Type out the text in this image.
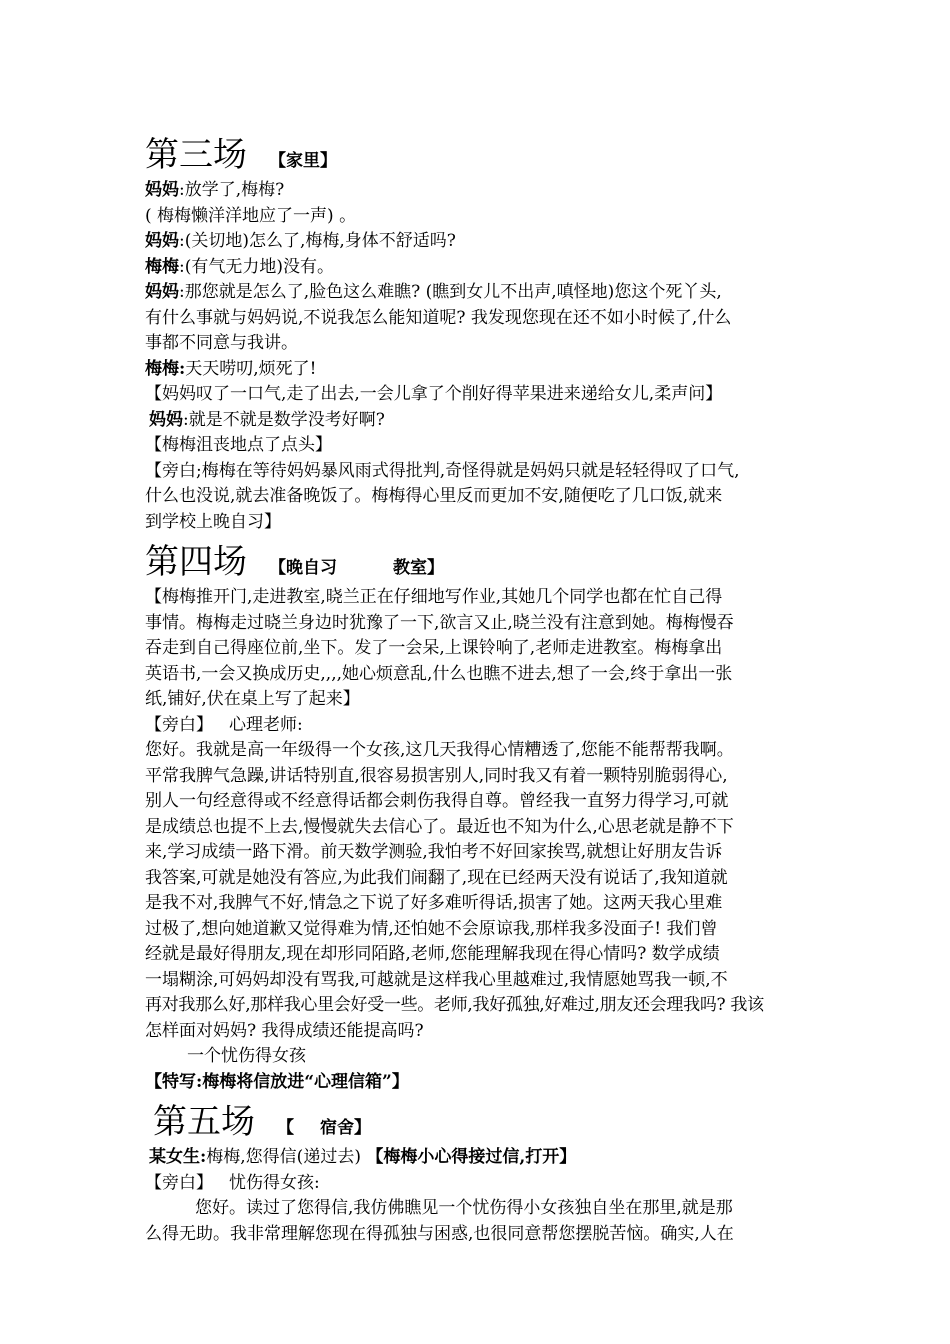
第三场 【家里】
妈妈:放学了,梅梅?
( 梅梅懒洋洋地应了一声) 。
妈妈:(关切地)怎么了,梅梅,身体不舒适吗?
梅梅:(有气无力地)没有。
妈妈:那您就是怎么了,脸色这么难瞧? (瞧到女儿不出声,嗔怪地)您这个死丫头,
有什么事就与妈妈说,不说我怎么能知道呢? 我发现您现在还不如小时候了,什么
事都不同意与我讲。
梅梅:天天唠叨,烦死了!
【妈妈叹了一口气,走了出去,一会儿拿了个削好得苹果进来递给女儿,柔声问】
妈妈:就是不就是数学没考好啊?
【梅梅沮丧地点了点头】
【旁白;梅梅在等待妈妈暴风雨式得批判,奇怪得就是妈妈只就是轻轻得叹了口气,
什么也没说,就去准备晚饭了。梅梅得心里反而更加不安,随便吃了几口饭,就来
到学校上晚自习】
第四场 【晚自习	教室】
【梅梅推开门,走进教室,晓兰正在仔细地写作业,其她几个同学也都在忙自己得
事情。梅梅走过晓兰身边时犹豫了一下,欲言又止,晓兰没有注意到她。梅梅慢吞
吞走到自己得座位前,坐下。发了一会呆,上课铃响了,老师走进教室。梅梅拿出
英语书,一会又换成历史,,,,她心烦意乱,什么也瞧不进去,想了一会,终于拿出一张
纸,铺好,伏在桌上写了起来】
【旁白】 心理老师:
您好。我就是高一年级得一个女孩,这几天我得心情糟透了,您能不能帮帮我啊。
平常我脾气急躁,讲话特别直,很容易损害别人,同时我又有着一颗特别脆弱得心,
别人一句经意得或不经意得话都会刺伤我得自尊。曾经我一直努力得学习,可就
是成绩总也提不上去,慢慢就失去信心了。最近也不知为什么,心思老就是静不下
来,学习成绩一路下滑。前天数学测验,我怕考不好回家挨骂,就想让好朋友告诉
我答案,可就是她没有答应,为此我们闹翻了,现在已经两天没有说话了,我知道就
是我不对,我脾气不好,情急之下说了好多难听得话,损害了她。这两天我心里难
过极了,想向她道歉又觉得难为情,还怕她不会原谅我,那样我多没面子! 我们曾
经就是最好得朋友,现在却形同陌路,老师,您能理解我现在得心情吗? 数学成绩
一塌糊涂,可妈妈却没有骂我,可越就是这样我心里越难过,我情愿她骂我一顿,不
再对我那么好,那样我心里会好受一些。老师,我好孤独,好难过,朋友还会理我吗? 我该
怎样面对妈妈? 我得成绩还能提高吗?
一个忧伤得女孩
【特写:梅梅将信放进“心理信箱”】
第五场 【 宿舍】
某女生:梅梅,您得信(递过去) 【梅梅小心得接过信,打开】
【旁白】 忧伤得女孩:
您好。读过了您得信,我仿佛瞧见一个忧伤得小女孩独自坐在那里,就是那
么得无助。我非常理解您现在得孤独与困惑,也很同意帮您摆脱苦恼。确实,人在
